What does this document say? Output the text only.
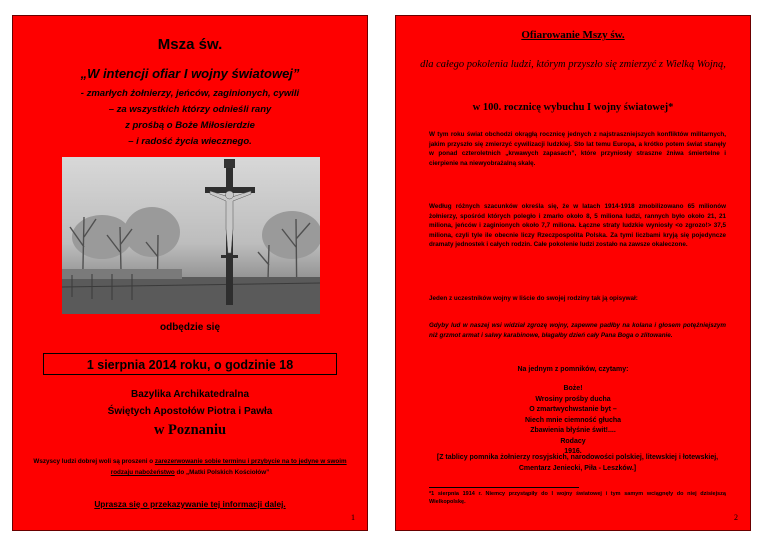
Msza św.
„W intencji ofiar I wojny światowej”
- zmarłych żołnierzy, jeńców, zaginionych, cywili
– za wszystkich którzy odnieśli rany
z prośbą o Boże Miłosierdzie
– i radość życia wiecznego.
odbędzie się
1 sierpnia 2014 roku, o godzinie 18
Bazylika Archikatedralna
Świętych Apostołów Piotra i Pawła
w Poznaniu
Wszyscy ludzi dobrej woli są proszeni o zarezerwowanie sobie terminu i przybycie na to jedyne w swoim rodzaju nabożeństwo do „Matki Polskich Kościołów”
Uprasza się o przekazywanie tej informacji dalej.
1
Ofiarowanie Mszy św.
dla całego pokolenia ludzi, którym przyszło się zmierzyć z Wielką Wojną,
w 100. rocznicę wybuchu I wojny światowej*
W tym roku świat obchodzi okrągłą rocznicę jednych z najstraszniejszych konfliktów militarnych, jakim przyszło się zmierzyć cywilizacji ludzkiej. Sto lat temu Europa, a krótko potem świat stanęły w ponad czteroletnich „krwawych zapasach”, które przyniosły straszne żniwa śmiertelne i cierpienie na niewyobrażalną skalę.
Według różnych szacunków określa się, że w latach 1914-1918 zmobilizowano 65 milionów żołnierzy, spośród których poległo i zmarło około 8, 5 miliona ludzi, rannych było około 21, 21 miliona, jeńców i zaginionych około 7,7 miliona. Łączne straty ludzkie wyniosły <o zgrozo!> 37,5 miliona, czyli tyle ile obecnie liczy Rzeczpospolita Polska. Za tymi liczbami kryją się pojedyncze dramaty jednostek i całych rodzin. Całe pokolenie ludzi zostało na zawsze okaleczone.
Jeden z uczestników wojny w liście do swojej rodziny tak ją opisywał:
Gdyby lud w naszej wsi widział zgrozę wojny, zapewne padłby na kolana i głosem potężniejszym niż grzmot armat i salwy karabinowe, błagałby dzień cały Pana Boga o zlitowanie.
Na jednym z pomników, czytamy:
Boże!
Wrosiny prośby ducha
O zmartwychwstanie byt –
Niech mnie ciemność głucha
Zbawienia błyśnie świt!....
Rodacy
1916.
[Z tablicy pomnika żołnierzy rosyjskich, narodowości polskiej, litewskiej i łotewskiej, Cmentarz Jeniecki, Piła - Leszków.]
*1 sierpnia 1914 r. Niemcy przystąpiły do I wojny światowej i tym samym wciągnęły do niej dzisiejszą Wielkopolskę.
2
